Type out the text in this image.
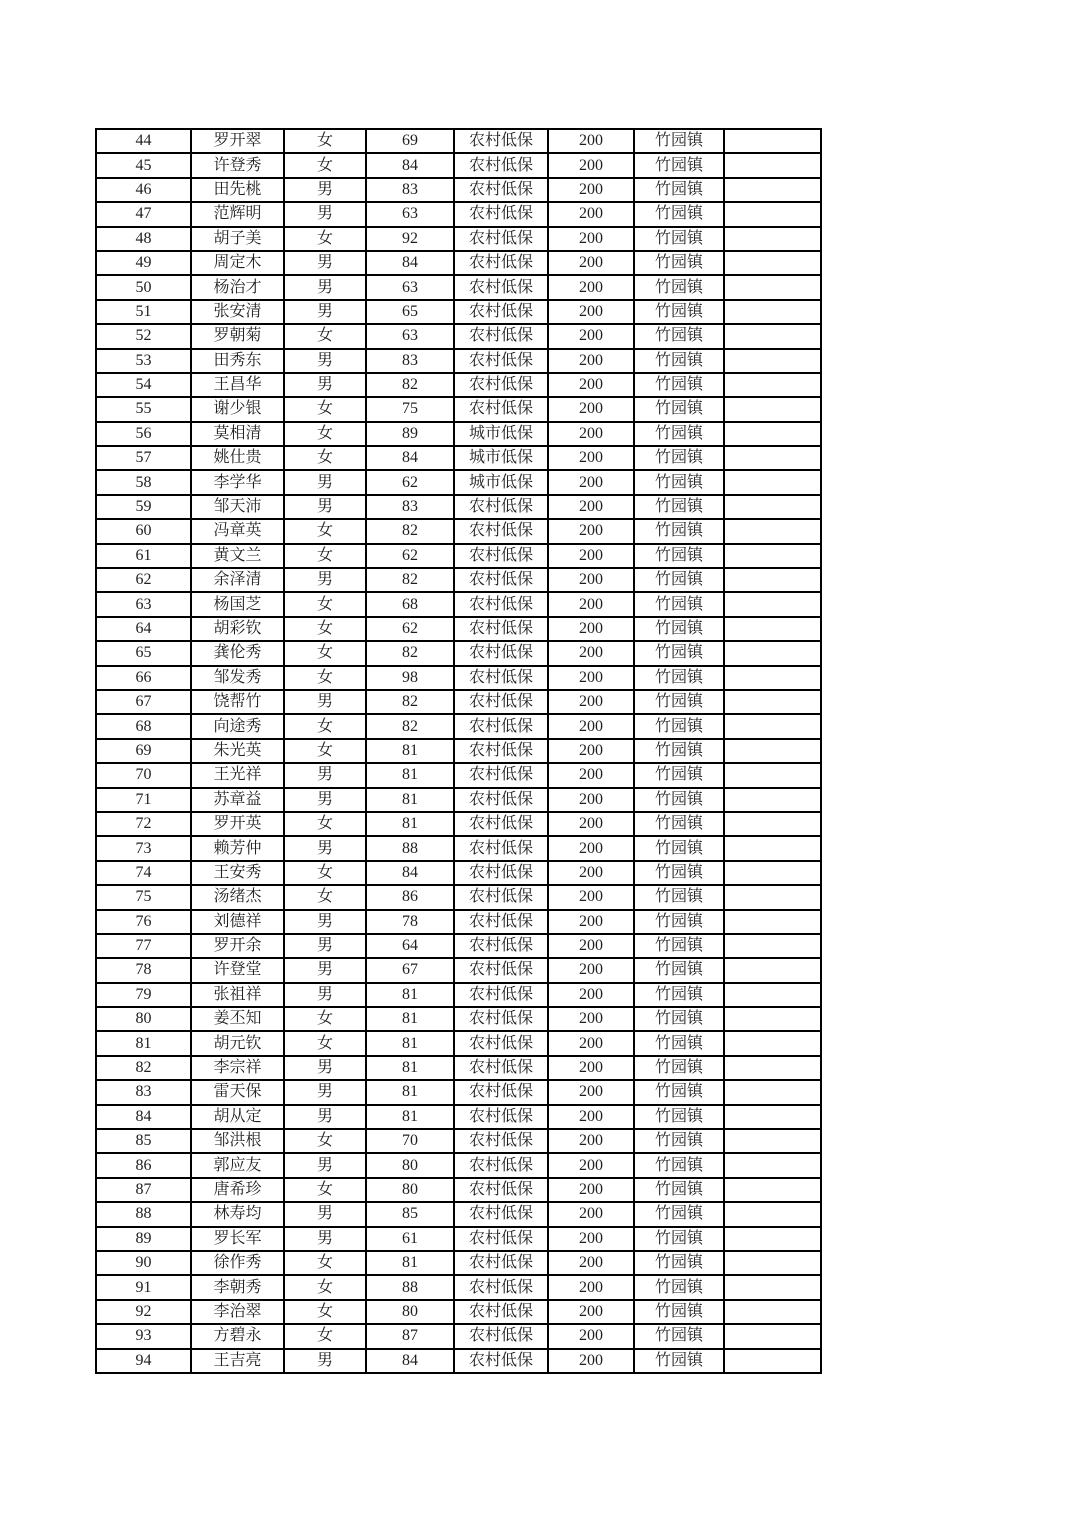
44	罗开翠	女	69	农村低保	200	竹园镇	
45	许登秀	女	84	农村低保	200	竹园镇	
46	田先桃	男	83	农村低保	200	竹园镇	
47	范辉明	男	63	农村低保	200	竹园镇	
48	胡子美	女	92	农村低保	200	竹园镇	
49	周定木	男	84	农村低保	200	竹园镇	
50	杨治才	男	63	农村低保	200	竹园镇	
51	张安清	男	65	农村低保	200	竹园镇	
52	罗朝菊	女	63	农村低保	200	竹园镇	
53	田秀东	男	83	农村低保	200	竹园镇	
54	王昌华	男	82	农村低保	200	竹园镇	
55	谢少银	女	75	农村低保	200	竹园镇	
56	莫相清	女	89	城市低保	200	竹园镇	
57	姚仕贵	女	84	城市低保	200	竹园镇	
58	李学华	男	62	城市低保	200	竹园镇	
59	邹天沛	男	83	农村低保	200	竹园镇	
60	冯章英	女	82	农村低保	200	竹园镇	
61	黄文兰	女	62	农村低保	200	竹园镇	
62	余泽清	男	82	农村低保	200	竹园镇	
63	杨国芝	女	68	农村低保	200	竹园镇	
64	胡彩钦	女	62	农村低保	200	竹园镇	
65	龚伦秀	女	82	农村低保	200	竹园镇	
66	邹发秀	女	98	农村低保	200	竹园镇	
67	饶帮竹	男	82	农村低保	200	竹园镇	
68	向途秀	女	82	农村低保	200	竹园镇	
69	朱光英	女	81	农村低保	200	竹园镇	
70	王光祥	男	81	农村低保	200	竹园镇	
71	苏章益	男	81	农村低保	200	竹园镇	
72	罗开英	女	81	农村低保	200	竹园镇	
73	赖芳仲	男	88	农村低保	200	竹园镇	
74	王安秀	女	84	农村低保	200	竹园镇	
75	汤绪杰	女	86	农村低保	200	竹园镇	
76	刘德祥	男	78	农村低保	200	竹园镇	
77	罗开余	男	64	农村低保	200	竹园镇	
78	许登堂	男	67	农村低保	200	竹园镇	
79	张祖祥	男	81	农村低保	200	竹园镇	
80	姜丕知	女	81	农村低保	200	竹园镇	
81	胡元钦	女	81	农村低保	200	竹园镇	
82	李宗祥	男	81	农村低保	200	竹园镇	
83	雷天保	男	81	农村低保	200	竹园镇	
84	胡从定	男	81	农村低保	200	竹园镇	
85	邹洪根	女	70	农村低保	200	竹园镇	
86	郭应友	男	80	农村低保	200	竹园镇	
87	唐希珍	女	80	农村低保	200	竹园镇	
88	林寿均	男	85	农村低保	200	竹园镇	
89	罗长军	男	61	农村低保	200	竹园镇	
90	徐作秀	女	81	农村低保	200	竹园镇	
91	李朝秀	女	88	农村低保	200	竹园镇	
92	李治翠	女	80	农村低保	200	竹园镇	
93	方碧永	女	87	农村低保	200	竹园镇	
94	王吉亮	男	84	农村低保	200	竹园镇	
